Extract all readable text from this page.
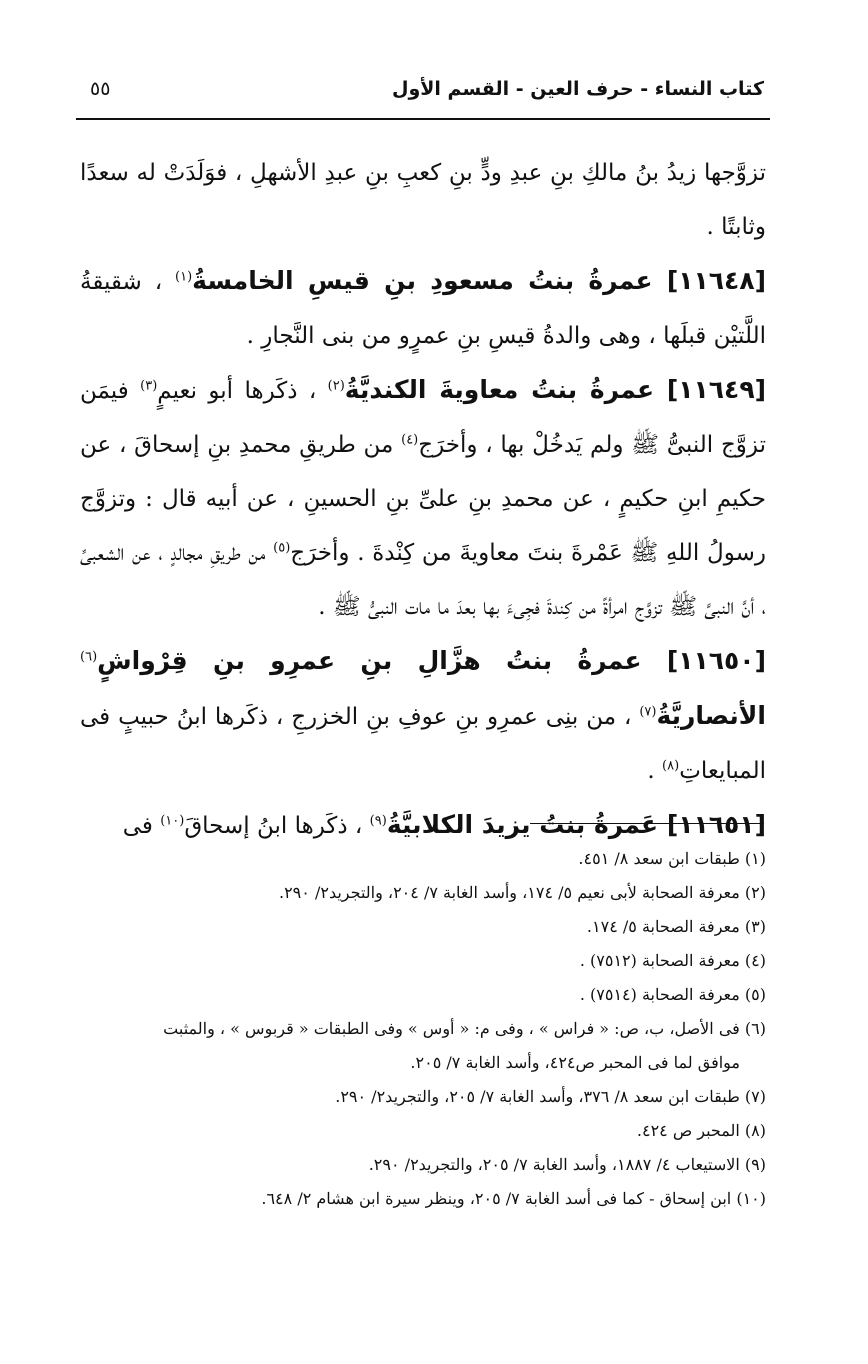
كتاب النساء - حرف العين - القسم الأول
٥٥

تزوَّجها زيدُ بنُ مالكِ بنِ عبدِ ودٍّ بنِ كعبِ بنِ عبدِ الأشهلِ ، فوَلَدَتْ له سعدًا وثابتًا .

[١١٦٤٨] عمرةُ بنتُ مسعودِ بنِ قيسِ الخامسةُ$^{(١)}$ ، شقيقةُ اللَّتيْن قبلَها ، وهى والدةُ قيسِ بنِ عمرٍو من بنى النَّجارِ .

[١١٦٤٩] عمرةُ بنتُ معاويةَ الكنديَّةُ$^{(٢)}$ ، ذكَرها أبو نعيمٍ$^{(٣)}$ فيمَن تزوَّج النبىُّ ﷺ ولم يَدخُلْ بها ، وأخرَج$^{(٤)}$ من طريقِ محمدِ بنِ إسحاقَ ، عن حكيمِ ابنِ حكيمٍ ، عن محمدِ بنِ علىِّ بنِ الحسينِ ، عن أبيه قال : وتزوَّج رسولُ اللهِ ﷺ عَمْرةَ بنتَ معاويةَ من كِنْدةَ . وأخرَج$^{(٥)}$ من طريقِ مجالدٍ ، عن الشعبىِّ ، أنَّ النبىَّ ﷺ تزوَّج امرأةً من كِندةَ فجِىءَ بها بعدَ ما مات النبىُّ ﷺ .

[١١٦٥٠] عمرةُ بنتُ هزَّالِ بنِ عمرِو بنِ قِرْواشٍ$^{(٦)}$ الأنصاريَّةُ$^{(٧)}$ ، من بنِى عمرِو بنِ عوفِ بنِ الخزرجِ ، ذكَرها ابنُ حبيبٍ فى المبايعاتِ$^{(٨)}$ .

[١١٦٥١] عَمرةُ بنتُ يزيدَ الكلابيَّةُ$^{(٩)}$ ، ذكَرها ابنُ إسحاقَ$^{(١٠)}$ فى

(١) طبقات ابن سعد ٨/ ٤٥١.
(٢) معرفة الصحابة لأبى نعيم ٥/ ١٧٤، وأسد الغابة ٧/ ٢٠٤، والتجريد٢/ ٢٩٠.
(٣) معرفة الصحابة ٥/ ١٧٤.
(٤) معرفة الصحابة (٧٥١٢) .
(٥) معرفة الصحابة (٧٥١٤) .
(٦) فى الأصل، ب، ص: « فراس » ، وفى م: « أوس » وفى الطبقات « قربوس » ، والمثبت
موافق لما فى المحبر ص٤٢٤، وأسد الغابة ٧/ ٢٠٥.
(٧) طبقات ابن سعد ٨/ ٣٧٦، وأسد الغابة ٧/ ٢٠٥، والتجريد٢/ ٢٩٠.
(٨) المحبر ص ٤٢٤.
(٩) الاستيعاب ٤/ ١٨٨٧، وأسد الغابة ٧/ ٢٠٥، والتجريد٢/ ٢٩٠.
(١٠) ابن إسحاق - كما فى أسد الغابة ٧/ ٢٠٥، وينظر سيرة ابن هشام ٢/ ٦٤٨.
